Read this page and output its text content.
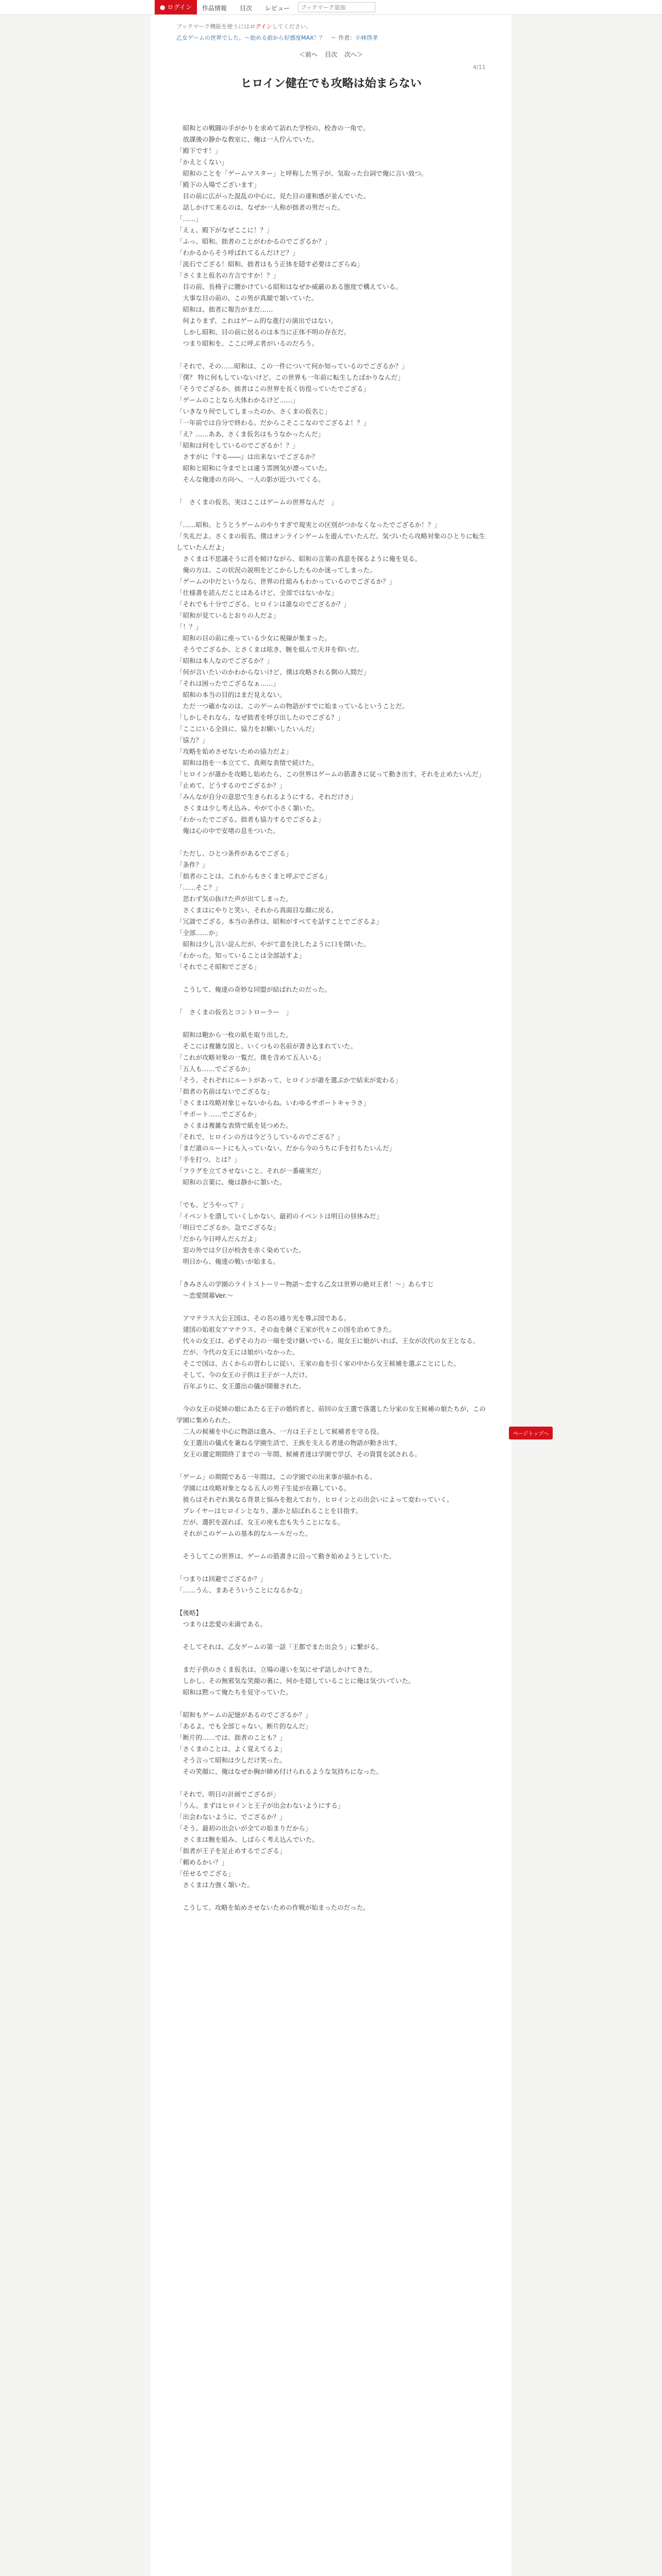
● ログイン	作品情報 目次 レビュー
ブックマーク追加
ブックマーク機能を使うにはログインしてください。
乙女ゲームの世界でした。～始める前から好感度MAX！？　～ 作者：小林啓孝
＜前へ 目次 次へ＞
4/11
ヒロイン健在でも攻略は始まらない

　昭和との戦闘の手がかりを求めて訪れた学校の、校舎の一角で。

　放課後の静かな教室に、俺は一人佇んでいた。

「殿下です！」

「かえとくない」

　昭和のことを「ゲームマスター」と呼称した男子が、気取った台詞で俺に言い放つ。

「殿下の入場でございます」

　目の前に広がった混乱の中心に、見た目の違和感が並んでいた。

　話しかけて来るのは、なぜか一人称が拙者の男だった。

「……」

「えぇ、殿下がなぜここに！？」

「ふっ、昭和。拙者のことがわかるのでござるか？」

「わかるからそう呼ばれてるんだけど？」

「流石でござる！昭和、拙者はもう正体を隠す必要はござらぬ」

「さくまと仮名の方言ですか！？」

　目の前、長椅子に腰かけている昭和はなぜか威厳のある態度で構えている。

　大事な目の前の、この男が真顔で頷いていた。

　昭和は、拙者に報告がまだ……

　何よりまず、これはゲーム的な進行の演出ではない。

　しかし昭和、目の前に居るのは本当に正体不明の存在だ。

　つまり昭和を、ここに呼ぶ者がいるのだろう。

「それで、その……昭和は、この一件について何か知っているのでござるか？」

「僕？ 特に何もしていないけど。この世界も一年前に転生したばかりなんだ」

「そうでござるか。拙者はこの世界を長く彷徨っていたでござる」

「ゲームのことなら大体わかるけど……」

「いきなり何でしてしまったのか。さくまの仮名じ」

「一年前では自分で終わる。だからこそここなのでござるよ！？」

「え？……ああ、さくま仮名はもうなかったんだ」

「昭和は何をしているのでござるか！？」

　さすがに『する――』は出来ないでござるか？

　昭和と昭和に今までとは違う雰囲気が漂っていた。

　そんな俺達の方向へ、一人の影が近づいてくる。

「　さくまの仮名、実はここはゲームの世界なんだ　」

「……昭和。とうとうゲームのやりすぎで現実との区別がつかなくなったでござるか！？」

「失礼だよ。さくまの仮名、僕はオンラインゲームを遊んでいたんだ。気づいたら攻略対象のひとりに転生していたんだよ」

　さくまは不思議そうに首を傾けながら、昭和の言葉の真意を探るように俺を見る。

　俺の方は、この状況の説明をどこからしたものか迷ってしまった。

「ゲームの中だというなら、世界の仕組みもわかっているのでござるか？」

「仕様書を読んだことはあるけど、全部ではないかな」

「それでも十分でござる。ヒロインは誰なのでござるか？」

「昭和が見ているとおりの人だよ」

「！？」

　昭和の目の前に座っている少女に視線が集まった。

　そうでござるか、とさくまは呟き、腕を組んで天井を仰いだ。

「昭和は本人なのでござるか？」

「何が言いたいのかわからないけど、僕は攻略される側の人間だ」

「それは困ったでござるなぁ……」

　昭和の本当の目的はまだ見えない。

　ただ一つ確かなのは、このゲームの物語がすでに始まっているということだ。

「しかしそれなら、なぜ拙者を呼び出したのでござる？」

「ここにいる全員に、協力をお願いしたいんだ」

「協力？」

「攻略を始めさせないための協力だよ」

　昭和は指を一本立てて、真剣な表情で続けた。

「ヒロインが誰かを攻略し始めたら、この世界はゲームの筋書きに従って動き出す。それを止めたいんだ」

「止めて、どうするのでござるか？」

「みんなが自分の意思で生きられるようにする。それだけさ」

　さくまは少し考え込み、やがて小さく頷いた。

「わかったでござる。拙者も協力するでござるよ」

　俺は心の中で安堵の息をついた。

「ただし、ひとつ条件があるでござる」

「条件？」

「拙者のことは、これからもさくまと呼ぶでござる」

「……そこ？」

　思わず気の抜けた声が出てしまった。

　さくまはにやりと笑い、それから真面目な顔に戻る。

「冗談でござる。本当の条件は、昭和がすべてを話すことでござるよ」

「全部……か」

　昭和は少し言い淀んだが、やがて意を決したように口を開いた。

「わかった。知っていることは全部話すよ」

「それでこそ昭和でござる」

　こうして、俺達の奇妙な同盟が結ばれたのだった。

「　さくまの仮名とコントローラー　」

　昭和は鞄から一枚の紙を取り出した。

　そこには複雑な図と、いくつもの名前が書き込まれていた。

「これが攻略対象の一覧だ。僕を含めて五人いる」

「五人も……でござるか」

「そう。それぞれにルートがあって、ヒロインが誰を選ぶかで結末が変わる」

「拙者の名前はないでござるな」

「さくまは攻略対象じゃないからね。いわゆるサポートキャラさ」

「サポート……でござるか」

　さくまは複雑な表情で紙を見つめた。

「それで、ヒロインの方は今どうしているのでござる？」

「まだ誰のルートにも入っていない。だから今のうちに手を打ちたいんだ」

「手を打つ、とは？」

「フラグを立てさせないこと。それが一番確実だ」

　昭和の言葉に、俺は静かに頷いた。

「でも、どうやって？」

「イベントを潰していくしかない。最初のイベントは明日の昼休みだ」

「明日でござるか。急でござるな」

「だから今日呼んだんだよ」

　窓の外では夕日が校舎を赤く染めていた。

　明日から、俺達の戦いが始まる。

「きみさんの学園のライトストーリー物語～恋する乙女は世界の絶対王者！～」あらすじ

　～恋愛開幕Ver.～

　アマテラス大公王国は、その名の通り光を尊ぶ国である。

　建国の始祖女アマテラス、その血を継ぐ王家が代々この国を治めてきた。

　代々の女王は、必ずその力の一端を受け継いでいる。現女王に娘がいれば、王女が次代の女王となる。

　だが、今代の女王には娘がいなかった。

　そこで国は、古くからの習わしに従い、王家の血を引く家の中から女王候補を選ぶことにした。

　そして、今の女王の子供は王子が一人だけ。

　百年ぶりに、女王選出の儀が開催された。

　今の女王の従姉の娘にあたる王子の婚約者と、前回の女王選で落選した分家の女王候補の娘たちが、この学園に集められた。

　二人の候補を中心に物語は進み、一方は王子として候補者を守る役。

　女王選出の儀式を兼ねる学園生活で、王族を支える者達の物語が動き出す。

　女王の選定期間終了までの一年間、候補者達は学園で学び、その資質を試される。

「ゲーム」の期間である一年間は、この学園での出来事が描かれる。

　学園には攻略対象となる五人の男子生徒が在籍している。

　彼らはそれぞれ異なる背景と悩みを抱えており、ヒロインとの出会いによって変わっていく。

　プレイヤーはヒロインとなり、誰かと結ばれることを目指す。

　だが、選択を誤れば、女王の座も恋も失うことになる。

　それがこのゲームの基本的なルールだった。

　そうしてこの世界は、ゲームの筋書きに沿って動き始めようとしていた。

「つまりは回避でござるか？」

「……うん、まあそういうことになるかな」

【後略】

　つまりは恋愛の未満である。

　そしてそれは、乙女ゲームの第一話「王都でまた出会う」に繋がる。

　まだ子供のさくま仮名は、立場の違いを気にせず話しかけてきた。

　しかし、その無邪気な笑顔の裏に、何かを隠していることに俺は気づいていた。

　昭和は黙って俺たちを見守っていた。

「昭和もゲームの記憶があるのでござるか？」

「あるよ。でも全部じゃない。断片的なんだ」

「断片的……では、拙者のことも？」

「さくまのことは、よく覚えてるよ」

　そう言って昭和は少しだけ笑った。

　その笑顔に、俺はなぜか胸が締め付けられるような気持ちになった。

「それで、明日の計画でござるが」

「うん。まずはヒロインと王子が出会わないようにする」

「出会わないように、でござるか？」

「そう。最初の出会いが全ての始まりだから」

　さくまは腕を組み、しばらく考え込んでいた。

「拙者が王子を足止めするでござる」

「頼めるかい？」

「任せるでござる」

　さくまは力強く頷いた。

　こうして、攻略を始めさせないための作戦が始まったのだった。

ページトップへ
